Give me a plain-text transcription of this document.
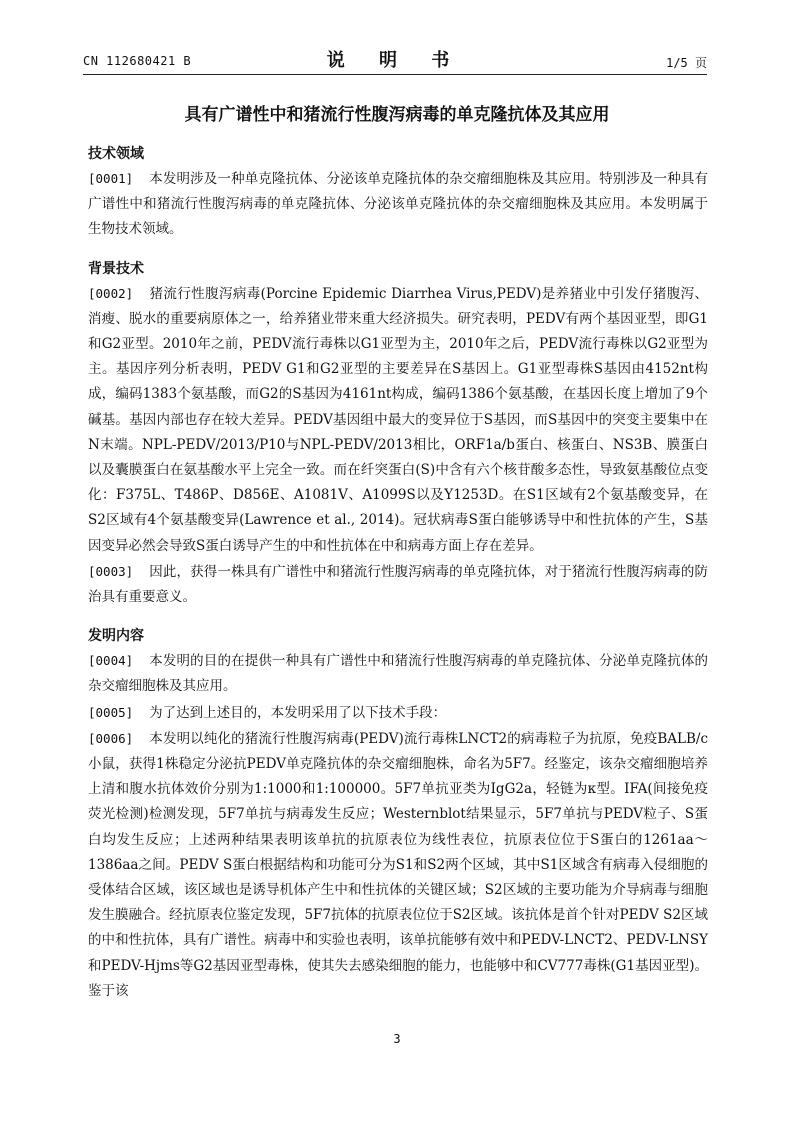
CN 112680421 B	说 明 书	1/5 页
具有广谱性中和猪流行性腹泻病毒的单克隆抗体及其应用
技术领域

[0001] 本发明涉及一种单克隆抗体、分泌该单克隆抗体的杂交瘤细胞株及其应用。特别涉及一种具有广谱性中和猪流行性腹泻病毒的单克隆抗体、分泌该单克隆抗体的杂交瘤细胞株及其应用。本发明属于生物技术领域。

背景技术

[0002] 猪流行性腹泻病毒(Porcine Epidemic Diarrhea Virus,PEDV)是养猪业中引发仔猪腹泻、消瘦、脱水的重要病原体之一，给养猪业带来重大经济损失。研究表明，PEDV有两个基因亚型，即G1和G2亚型。2010年之前，PEDV流行毒株以G1亚型为主，2010年之后，PEDV流行毒株以G2亚型为主。基因序列分析表明，PEDV G1和G2亚型的主要差异在S基因上。G1亚型毒株S基因由4152nt构成，编码1383个氨基酸，而G2的S基因为4161nt构成，编码1386个氨基酸，在基因长度上增加了9个碱基。基因内部也存在较大差异。PEDV基因组中最大的变异位于S基因，而S基因中的突变主要集中在N末端。NPL-PEDV/2013/P10与NPL-PEDV/2013相比，ORF1a/b蛋白、核蛋白、NS3B、膜蛋白以及囊膜蛋白在氨基酸水平上完全一致。而在纤突蛋白(S)中含有六个核苷酸多态性，导致氨基酸位点变化：F375L、T486P、D856E、A1081V、A1099S以及Y1253D。在S1区域有2个氨基酸变异，在S2区域有4个氨基酸变异(Lawrence et al., 2014)。冠状病毒S蛋白能够诱导中和性抗体的产生，S基因变异必然会导致S蛋白诱导产生的中和性抗体在中和病毒方面上存在差异。

[0003] 因此，获得一株具有广谱性中和猪流行性腹泻病毒的单克隆抗体，对于猪流行性腹泻病毒的防治具有重要意义。

发明内容

[0004] 本发明的目的在提供一种具有广谱性中和猪流行性腹泻病毒的单克隆抗体、分泌单克隆抗体的杂交瘤细胞株及其应用。

[0005] 为了达到上述目的，本发明采用了以下技术手段：

[0006] 本发明以纯化的猪流行性腹泻病毒(PEDV)流行毒株LNCT2的病毒粒子为抗原，免疫BALB/c小鼠，获得1株稳定分泌抗PEDV单克隆抗体的杂交瘤细胞株，命名为5F7。经鉴定，该杂交瘤细胞培养上清和腹水抗体效价分别为1:1000和1:100000。5F7单抗亚类为IgG2a，轻链为κ型。IFA(间接免疫荧光检测)检测发现，5F7单抗与病毒发生反应；Westernblot结果显示，5F7单抗与PEDV粒子、S蛋白均发生反应；上述两种结果表明该单抗的抗原表位为线性表位，抗原表位位于S蛋白的1261aa～1386aa之间。PEDV S蛋白根据结构和功能可分为S1和S2两个区域，其中S1区域含有病毒入侵细胞的受体结合区域，该区域也是诱导机体产生中和性抗体的关键区域；S2区域的主要功能为介导病毒与细胞发生膜融合。经抗原表位鉴定发现，5F7抗体的抗原表位位于S2区域。该抗体是首个针对PEDV S2区域的中和性抗体，具有广谱性。病毒中和实验也表明，该单抗能够有效中和PEDV-LNCT2、PEDV-LNSY和PEDV-Hjms等G2基因亚型毒株，使其失去感染细胞的能力，也能够中和CV777毒株(G1基因亚型)。鉴于该

3
